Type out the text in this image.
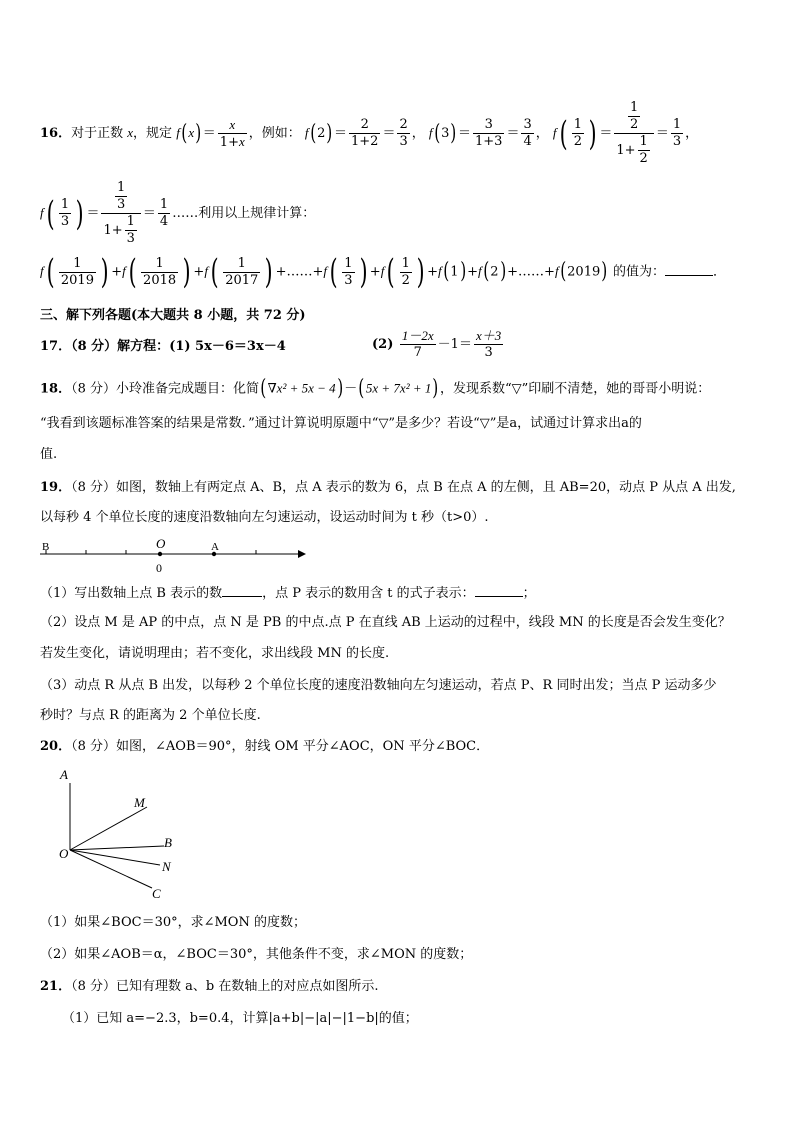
16．对于正数 x，规定 $f(x)= \frac{x}{1+x}$ ，例如： $f(2)= \frac{2}{1+2} = \frac{2}{3}$ ， $f(3)= \frac{3}{1+3} = \frac{3}{4}$ ， $f( \frac{1}{2}$ ) ＝ $\frac{\frac{1}{2}}{1+ \frac{1}{2}} = \frac{1}{3}$ ，
$f( \frac{1}{3}$ ) ＝ $\frac{\frac{1}{3}}{1+ \frac{1}{3}} = \frac{1}{4}$ ……利用以上规律计算：
$f( \frac{1}{2019}$ ) $+f( \frac{1}{2018}$ ) $+f( \frac{1}{2017}$ ) +……+f( $\frac{1}{3}$ ) $+f( \frac{1}{2}$ ) +f(1)+f(2)+……+f(2019) 的值为：	．
三、解下列各题(本大题共 8 小题，共 72 分)
17．（8 分）解方程：(1) 5x－6＝3x－4	$(2) \frac{1-2x}{7} -1= \frac{x+3}{3}$
18．（8 分）小玲准备完成题目：化简(∇x² + 5x − 4)－(5x + 7x² + 1)，发现系数“▽”印刷不清楚，她的哥哥小明说：
“我看到该题标准答案的结果是常数．”通过计算说明原题中“▽”是多少？若设“▽”是a，试通过计算求出a的
值.
19．（8 分）如图，数轴上有两定点 A、B，点 A 表示的数为 6，点 B 在点 A 的左侧，且 AB=20，动点 P 从点 A 出发,
以每秒 4 个单位长度的速度沿数轴向左匀速运动，设运动时间为 t 秒（t>0）.
B	O	A
0
（1）写出数轴上点 B 表示的数	，点 P 表示的数用含 t 的式子表示：	；
（2）设点 M 是 AP 的中点，点 N 是 PB 的中点.点 P 在直线 AB 上运动的过程中，线段 MN 的长度是否会发生变化？
若发生变化，请说明理由；若不变化，求出线段 MN 的长度.
（3）动点 R 从点 B 出发，以每秒 2 个单位长度的速度沿数轴向左匀速运动，若点 P、R 同时出发；当点 P 运动多少
秒时？与点 R 的距离为 2 个单位长度.
20．（8 分）如图，∠AOB＝90°，射线 OM 平分∠AOC，ON 平分∠BOC．
A
M
B
O
N
C
（1）如果∠BOC＝30°，求∠MON 的度数；
（2）如果∠AOB＝α，∠BOC＝30°，其他条件不变，求∠MON 的度数；
21．（8 分）已知有理数 a、b 在数轴上的对应点如图所示.
（1）已知 a=−2.3，b=0.4，计算|a+b|−|a|−|1−b|的值；
